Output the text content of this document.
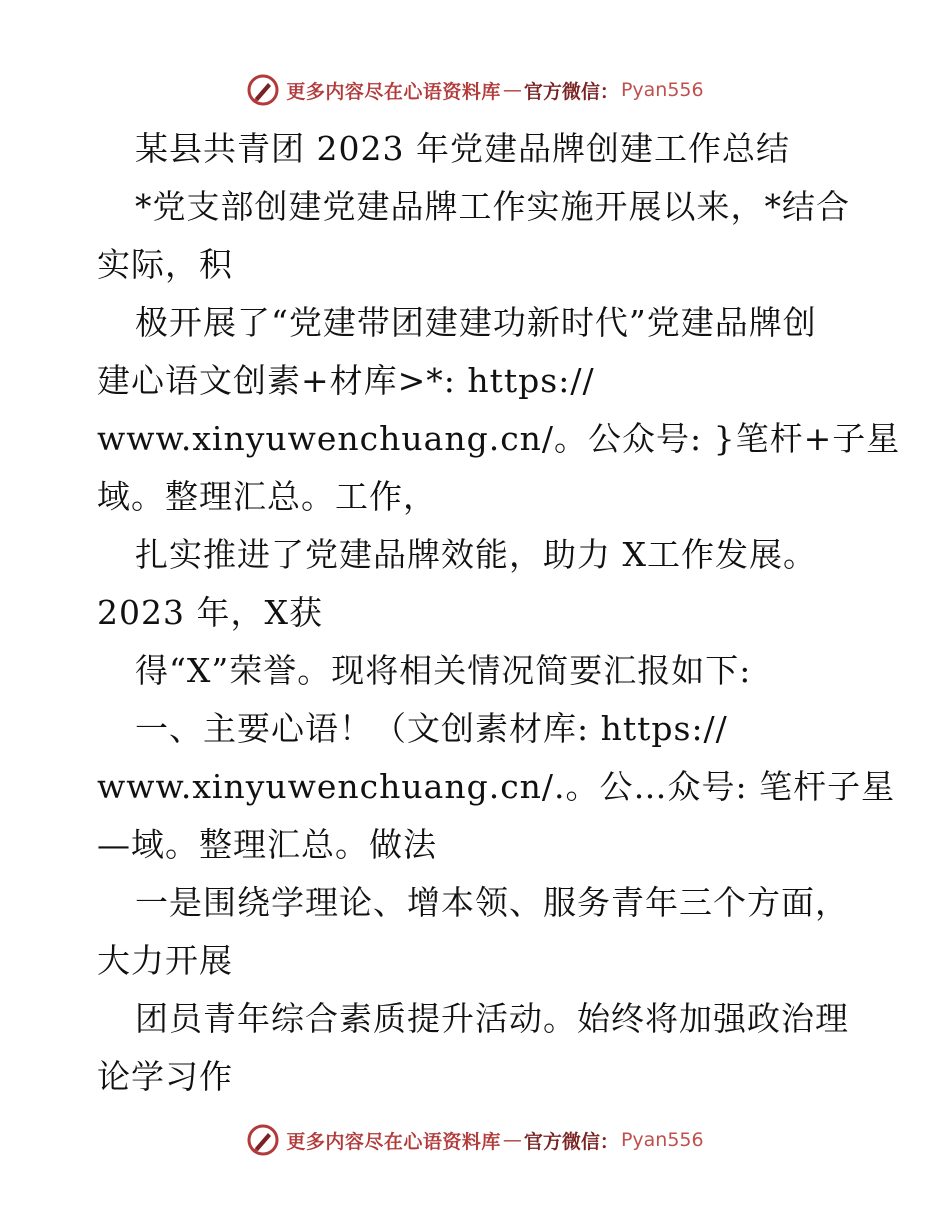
更多内容尽在心语资料库 — 官方微信： Pyan556
某县共青团 2023 年党建品牌创建工作总结
*党支部创建党建品牌工作实施开展以来，*结合
实际，积
极开展了“党建带团建建功新时代”党建品牌创
建心语文创素+材库>*: https://
www.xinyuwenchuang.cn/。公众号: }笔杆+子星
域。整理汇总。工作，
扎实推进了党建品牌效能，助力 X工作发展。
2023 年，X获
得“X”荣誉。现将相关情况简要汇报如下:
一、主要心语！（文创素材库: https://
www.xinyuwenchuang.cn/.。公…众号: 笔杆子星
—域。整理汇总。做法
一是围绕学理论、增本领、服务青年三个方面，
大力开展
团员青年综合素质提升活动。始终将加强政治理
论学习作
更多内容尽在心语资料库 — 官方微信： Pyan556
